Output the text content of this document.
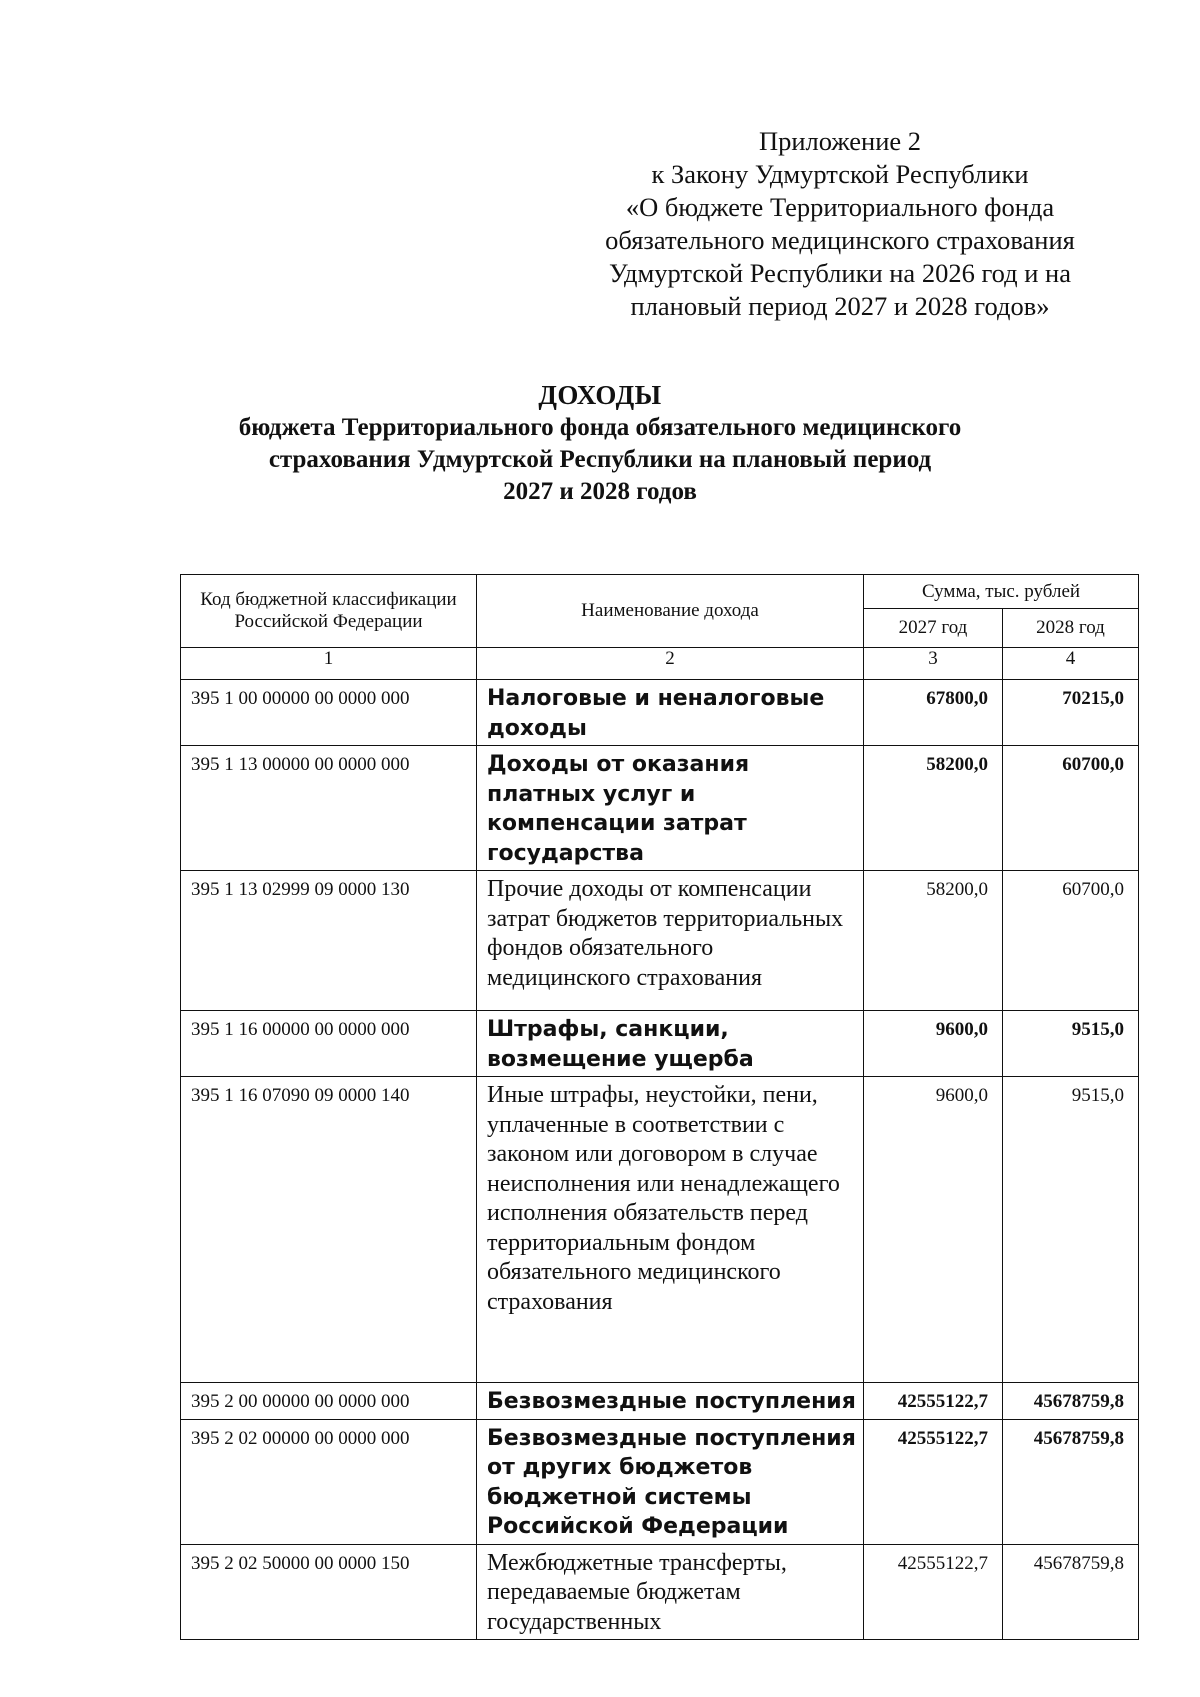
Приложение 2
к Закону Удмуртской Республики
«О бюджете Территориального фонда
обязательного медицинского страхования
Удмуртской Республики на 2026 год и на
плановый период 2027 и 2028 годов»
ДОХОДЫ
бюджета Территориального фонда обязательного медицинского
страхования Удмуртской Республики на плановый период
2027 и 2028 годов
Код бюджетной классификации Российской Федерации	Наименование дохода	Сумма, тыс. рублей	
		2027 год	2028 год
1	2	3	4
395 1 00 00000 00 0000 000	Налоговые и неналоговые доходы	67800,0	70215,0
395 1 13 00000 00 0000 000	Доходы от оказания платных услуг и компенсации затрат государства	58200,0	60700,0
395 1 13 02999 09 0000 130	Прочие доходы от компенсации затрат бюджетов территориальных фондов обязательного медицинского страхования	58200,0	60700,0
395 1 16 00000 00 0000 000	Штрафы, санкции, возмещение ущерба	9600,0	9515,0
395 1 16 07090 09 0000 140	Иные штрафы, неустойки, пени, уплаченные в соответствии с законом или договором в случае неисполнения или ненадлежащего исполнения обязательств перед территориальным фондом обязательного медицинского страхования	9600,0	9515,0
395 2 00 00000 00 0000 000	Безвозмездные поступления	42555122,7	45678759,8
395 2 02 00000 00 0000 000	Безвозмездные поступления от других бюджетов бюджетной системы Российской Федерации	42555122,7	45678759,8
395 2 02 50000 00 0000 150	Межбюджетные трансферты, передаваемые бюджетам государственных	42555122,7	45678759,8
